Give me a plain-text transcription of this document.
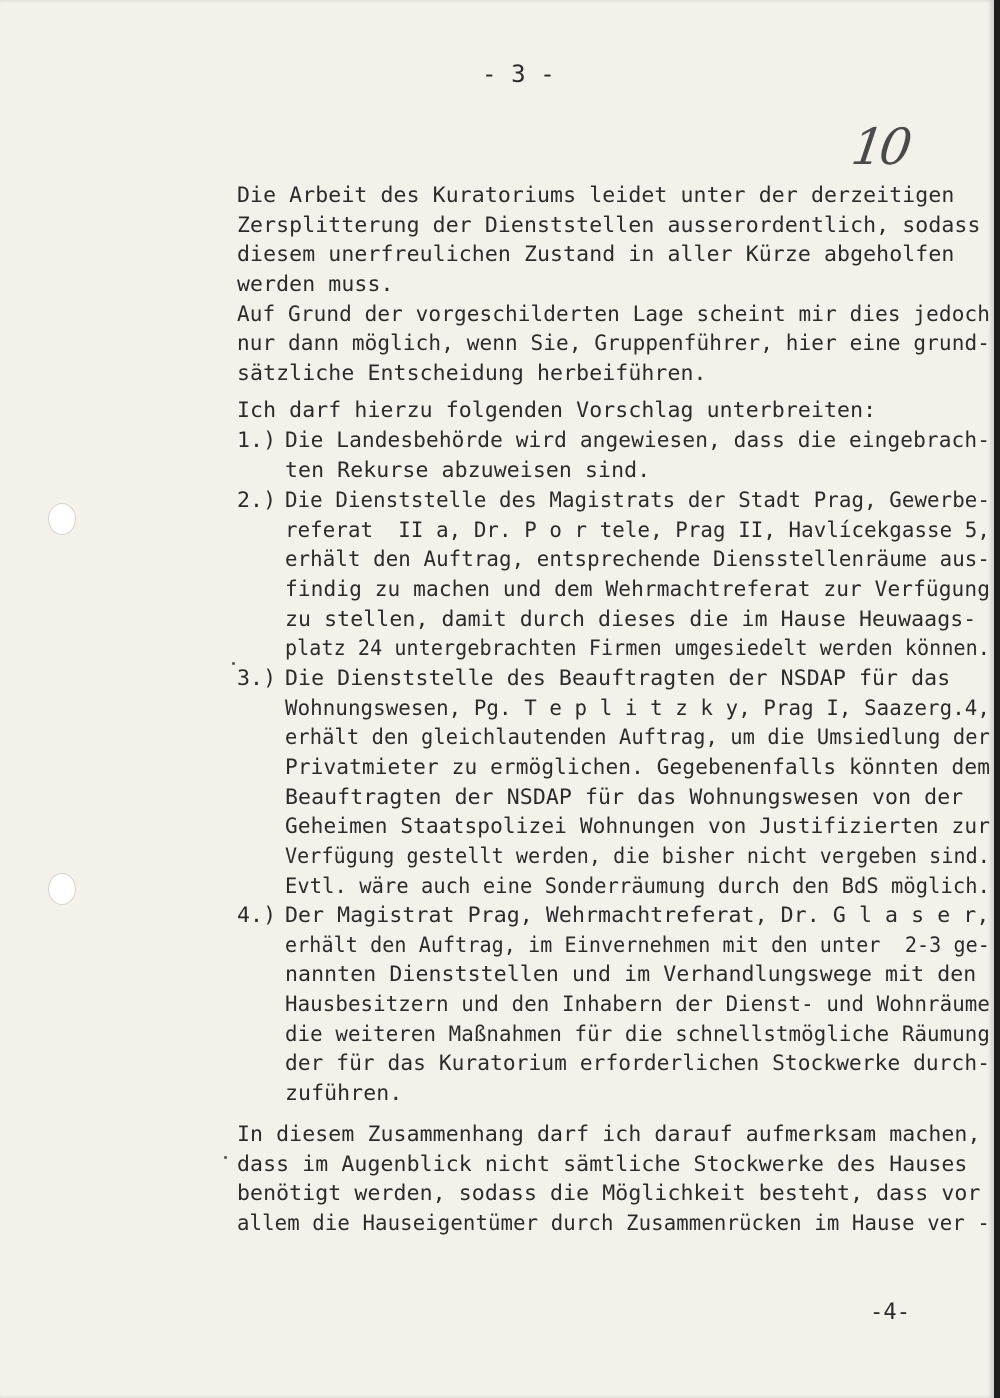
- 3 -

10

Die Arbeit des Kuratoriums leidet unter der derzeitigen

Zersplitterung der Dienststellen ausserordentlich, sodass

diesem unerfreulichen Zustand in aller Kürze abgeholfen

werden muss.

Auf Grund der vorgeschilderten Lage scheint mir dies jedoch

nur dann möglich, wenn Sie, Gruppenführer, hier eine grund-

sätzliche Entscheidung herbeiführen.

Ich darf hierzu folgenden Vorschlag unterbreiten:

1.) Die Landesbehörde wird angewiesen, dass die eingebrach-

ten Rekurse abzuweisen sind.

2.) Die Dienststelle des Magistrats der Stadt Prag, Gewerbe-

referat  II a, Dr. P o r tele, Prag II, Havlícekgasse 5,

erhält den Auftrag, entsprechende Diensstellenräume aus-

findig zu machen und dem Wehrmachtreferat zur Verfügung

zu stellen, damit durch dieses die im Hause Heuwaags-

platz 24 untergebrachten Firmen umgesiedelt werden können.

3.) Die Dienststelle des Beauftragten der NSDAP für das

Wohnungswesen, Pg. T e p l i t z k y, Prag I, Saazerg.4,

erhält den gleichlautenden Auftrag, um die Umsiedlung der

Privatmieter zu ermöglichen. Gegebenenfalls könnten dem

Beauftragten der NSDAP für das Wohnungswesen von der

Geheimen Staatspolizei Wohnungen von Justifizierten zur

Verfügung gestellt werden, die bisher nicht vergeben sind.

Evtl. wäre auch eine Sonderräumung durch den BdS möglich.

4.) Der Magistrat Prag, Wehrmachtreferat, Dr. G l a s e r,

erhält den Auftrag, im Einvernehmen mit den unter  2-3 ge-

nannten Dienststellen und im Verhandlungswege mit den

Hausbesitzern und den Inhabern der Dienst- und Wohnräume

die weiteren Maßnahmen für die schnellstmögliche Räumung

der für das Kuratorium erforderlichen Stockwerke durch-

zuführen.

In diesem Zusammenhang darf ich darauf aufmerksam machen,

dass im Augenblick nicht sämtliche Stockwerke des Hauses

benötigt werden, sodass die Möglichkeit besteht, dass vor

allem die Hauseigentümer durch Zusammenrücken im Hause ver -

-4-
